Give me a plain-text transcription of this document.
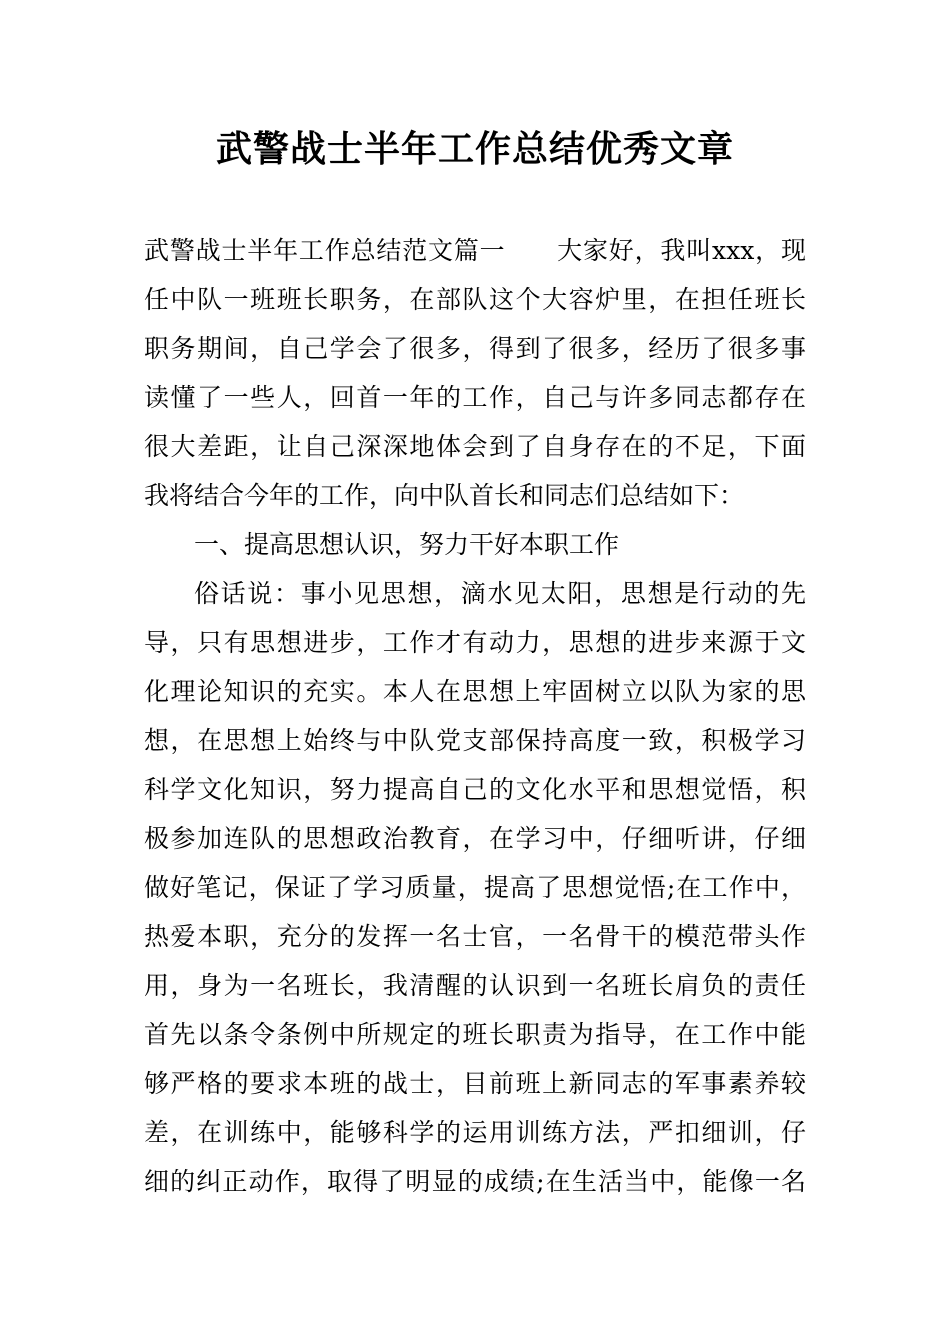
武警战士半年工作总结优秀文章
武警战士半年工作总结范文篇一　　大家好，我叫xxx，现
任中队一班班长职务，在部队这个大容炉里，在担任班长
职务期间，自己学会了很多，得到了很多，经历了很多事
读懂了一些人，回首一年的工作，自己与许多同志都存在
很大差距，让自己深深地体会到了自身存在的不足，下面
我将结合今年的工作，向中队首长和同志们总结如下：
一、提高思想认识，努力干好本职工作
俗话说：事小见思想，滴水见太阳，思想是行动的先
导，只有思想进步，工作才有动力，思想的进步来源于文
化理论知识的充实。本人在思想上牢固树立以队为家的思
想，在思想上始终与中队党支部保持高度一致，积极学习
科学文化知识，努力提高自己的文化水平和思想觉悟，积
极参加连队的思想政治教育，在学习中，仔细听讲，仔细
做好笔记，保证了学习质量，提高了思想觉悟;在工作中，
热爱本职，充分的发挥一名士官，一名骨干的模范带头作
用，身为一名班长，我清醒的认识到一名班长肩负的责任
首先以条令条例中所规定的班长职责为指导，在工作中能
够严格的要求本班的战士，目前班上新同志的军事素养较
差，在训练中，能够科学的运用训练方法，严扣细训，仔
细的纠正动作，取得了明显的成绩;在生活当中，能像一名
